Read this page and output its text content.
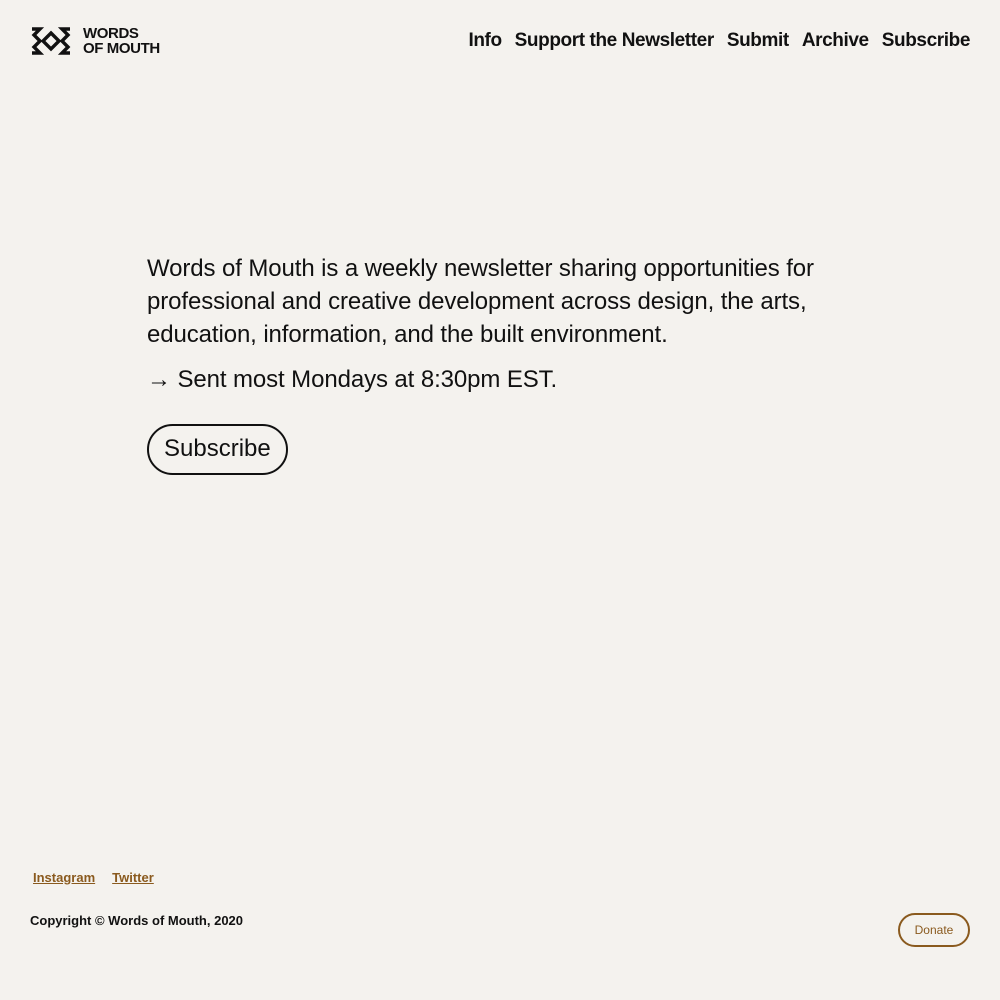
WORDS
OF MOUTH	Info Support the Newsletter Submit Archive Subscribe

Words of Mouth is a weekly newsletter sharing opportunities for professional and creative development across design, the arts, education, information, and the built environment.

→ Sent most Mondays at 8:30pm EST.

Subscribe
Instagram Twitter
Copyright © Words of Mouth, 2020
Donate
